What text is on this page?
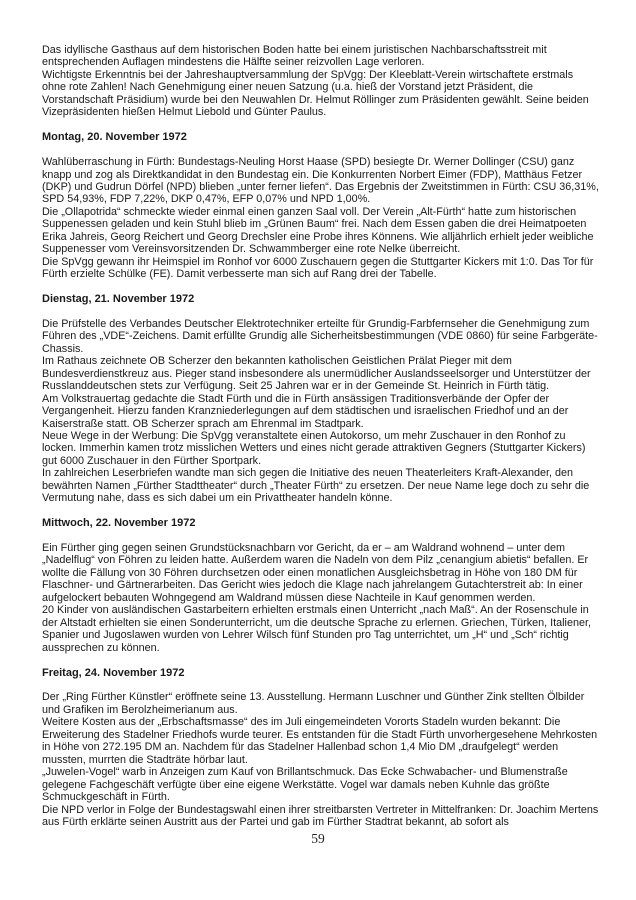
Das idyllische Gasthaus auf dem historischen Boden hatte bei einem juristischen Nachbarschaftsstreit mit entsprechenden Auflagen mindestens die Hälfte seiner reizvollen Lage verloren.

Wichtigste Erkenntnis bei der Jahreshauptversammlung der SpVgg: Der Kleeblatt-Verein wirtschaftete erstmals ohne rote Zahlen! Nach Genehmigung einer neuen Satzung (u.a. hieß der Vorstand jetzt Präsident, die Vorstandschaft Präsidium) wurde bei den Neuwahlen Dr. Helmut Röllinger zum Präsidenten gewählt. Seine beiden Vizepräsidenten hießen Helmut Liebold und Günter Paulus.

Montag, 20. November 1972

Wahlüberraschung in Fürth: Bundestags-Neuling Horst Haase (SPD) besiegte Dr. Werner Dollinger (CSU) ganz knapp und zog als Direktkandidat in den Bundestag ein. Die Konkurrenten Norbert Eimer (FDP), Matthäus Fetzer (DKP) und Gudrun Dörfel (NPD) blieben „unter ferner liefen“. Das Ergebnis der Zweitstimmen in Fürth: CSU 36,31%, SPD 54,93%, FDP 7,22%, DKP 0,47%, EFP 0,07% und NPD 1,00%.

Die „Ollapotrida“ schmeckte wieder einmal einen ganzen Saal voll. Der Verein „Alt-Fürth“ hatte zum historischen Suppenessen geladen und kein Stuhl blieb im „Grünen Baum“ frei. Nach dem Essen gaben die drei Heimatpoeten Erika Jahreis, Georg Reichert und Georg Drechsler eine Probe ihres Könnens. Wie alljährlich erhielt jeder weibliche Suppenesser vom Vereinsvorsitzenden Dr. Schwammberger eine rote Nelke überreicht.

Die SpVgg gewann ihr Heimspiel im Ronhof vor 6000 Zuschauern gegen die Stuttgarter Kickers mit 1:0. Das Tor für Fürth erzielte Schülke (FE). Damit verbesserte man sich auf Rang drei der Tabelle.

Dienstag, 21. November 1972

Die Prüfstelle des Verbandes Deutscher Elektrotechniker erteilte für Grundig-Farbfernseher die Genehmigung zum Führen des „VDE“-Zeichens. Damit erfüllte Grundig alle Sicherheitsbestimmungen (VDE 0860) für seine Farbgeräte-Chassis.

Im Rathaus zeichnete OB Scherzer den bekannten katholischen Geistlichen Prälat Pieger mit dem Bundesverdienstkreuz aus. Pieger stand insbesondere als unermüdlicher Auslandsseelsorger und Unterstützer der Russlanddeutschen stets zur Verfügung. Seit 25 Jahren war er in der Gemeinde St. Heinrich in Fürth tätig.

Am Volkstrauertag gedachte die Stadt Fürth und die in Fürth ansässigen Traditionsverbände der Opfer der Vergangenheit. Hierzu fanden Kranzniederlegungen auf dem städtischen und israelischen Friedhof und an der Kaiserstraße statt. OB Scherzer sprach am Ehrenmal im Stadtpark.

Neue Wege in der Werbung: Die SpVgg veranstaltete einen Autokorso, um mehr Zuschauer in den Ronhof zu locken. Immerhin kamen trotz misslichen Wetters und eines nicht gerade attraktiven Gegners (Stuttgarter Kickers) gut 6000 Zuschauer in den Fürther Sportpark.

In zahlreichen Leserbriefen wandte man sich gegen die Initiative des neuen Theaterleiters Kraft-Alexander, den bewährten Namen „Fürther Stadttheater“ durch „Theater Fürth“ zu ersetzen. Der neue Name lege doch zu sehr die Vermutung nahe, dass es sich dabei um ein Privattheater handeln könne.

Mittwoch, 22. November 1972

Ein Fürther ging gegen seinen Grundstücksnachbarn vor Gericht, da er – am Waldrand wohnend – unter dem „Nadelflug“ von Föhren zu leiden hatte. Außerdem waren die Nadeln von dem Pilz „cenangium abietis“ befallen. Er wollte die Fällung von 30 Föhren durchsetzen oder einen monatlichen Ausgleichsbetrag in Höhe von 180 DM für Flaschner- und Gärtnerarbeiten. Das Gericht wies jedoch die Klage nach jahrelangem Gutachterstreit ab: In einer aufgelockert bebauten Wohngegend am Waldrand müssen diese Nachteile in Kauf genommen werden.

20 Kinder von ausländischen Gastarbeitern erhielten erstmals einen Unterricht „nach Maß“. An der Rosenschule in der Altstadt erhielten sie einen Sonderunterricht, um die deutsche Sprache zu erlernen. Griechen, Türken, Italiener, Spanier und Jugoslawen wurden von Lehrer Wilsch fünf Stunden pro Tag unterrichtet, um „H“ und „Sch“ richtig aussprechen zu können.

Freitag, 24. November 1972

Der „Ring Fürther Künstler“ eröffnete seine 13. Ausstellung. Hermann Luschner und Günther Zink stellten Ölbilder und Grafiken im Berolzheimerianum aus.

Weitere Kosten aus der „Erbschaftsmasse“ des im Juli eingemeindeten Vororts Stadeln wurden bekannt: Die Erweiterung des Stadelner Friedhofs wurde teurer. Es entstanden für die Stadt Fürth unvorhergesehene Mehrkosten in Höhe von 272.195 DM an. Nachdem für das Stadelner Hallenbad schon 1,4 Mio DM „draufgelegt“ werden mussten, murrten die Stadträte hörbar laut.

„Juwelen-Vogel“ warb in Anzeigen zum Kauf von Brillantschmuck. Das Ecke Schwabacher- und Blumenstraße gelegene Fachgeschäft verfügte über eine eigene Werkstätte. Vogel war damals neben Kuhnle das größte Schmuckgeschäft in Fürth.

Die NPD verlor in Folge der Bundestagswahl einen ihrer streitbarsten Vertreter in Mittelfranken: Dr. Joachim Mertens aus Fürth erklärte seinen Austritt aus der Partei und gab im Fürther Stadtrat bekannt, ab sofort als

59
